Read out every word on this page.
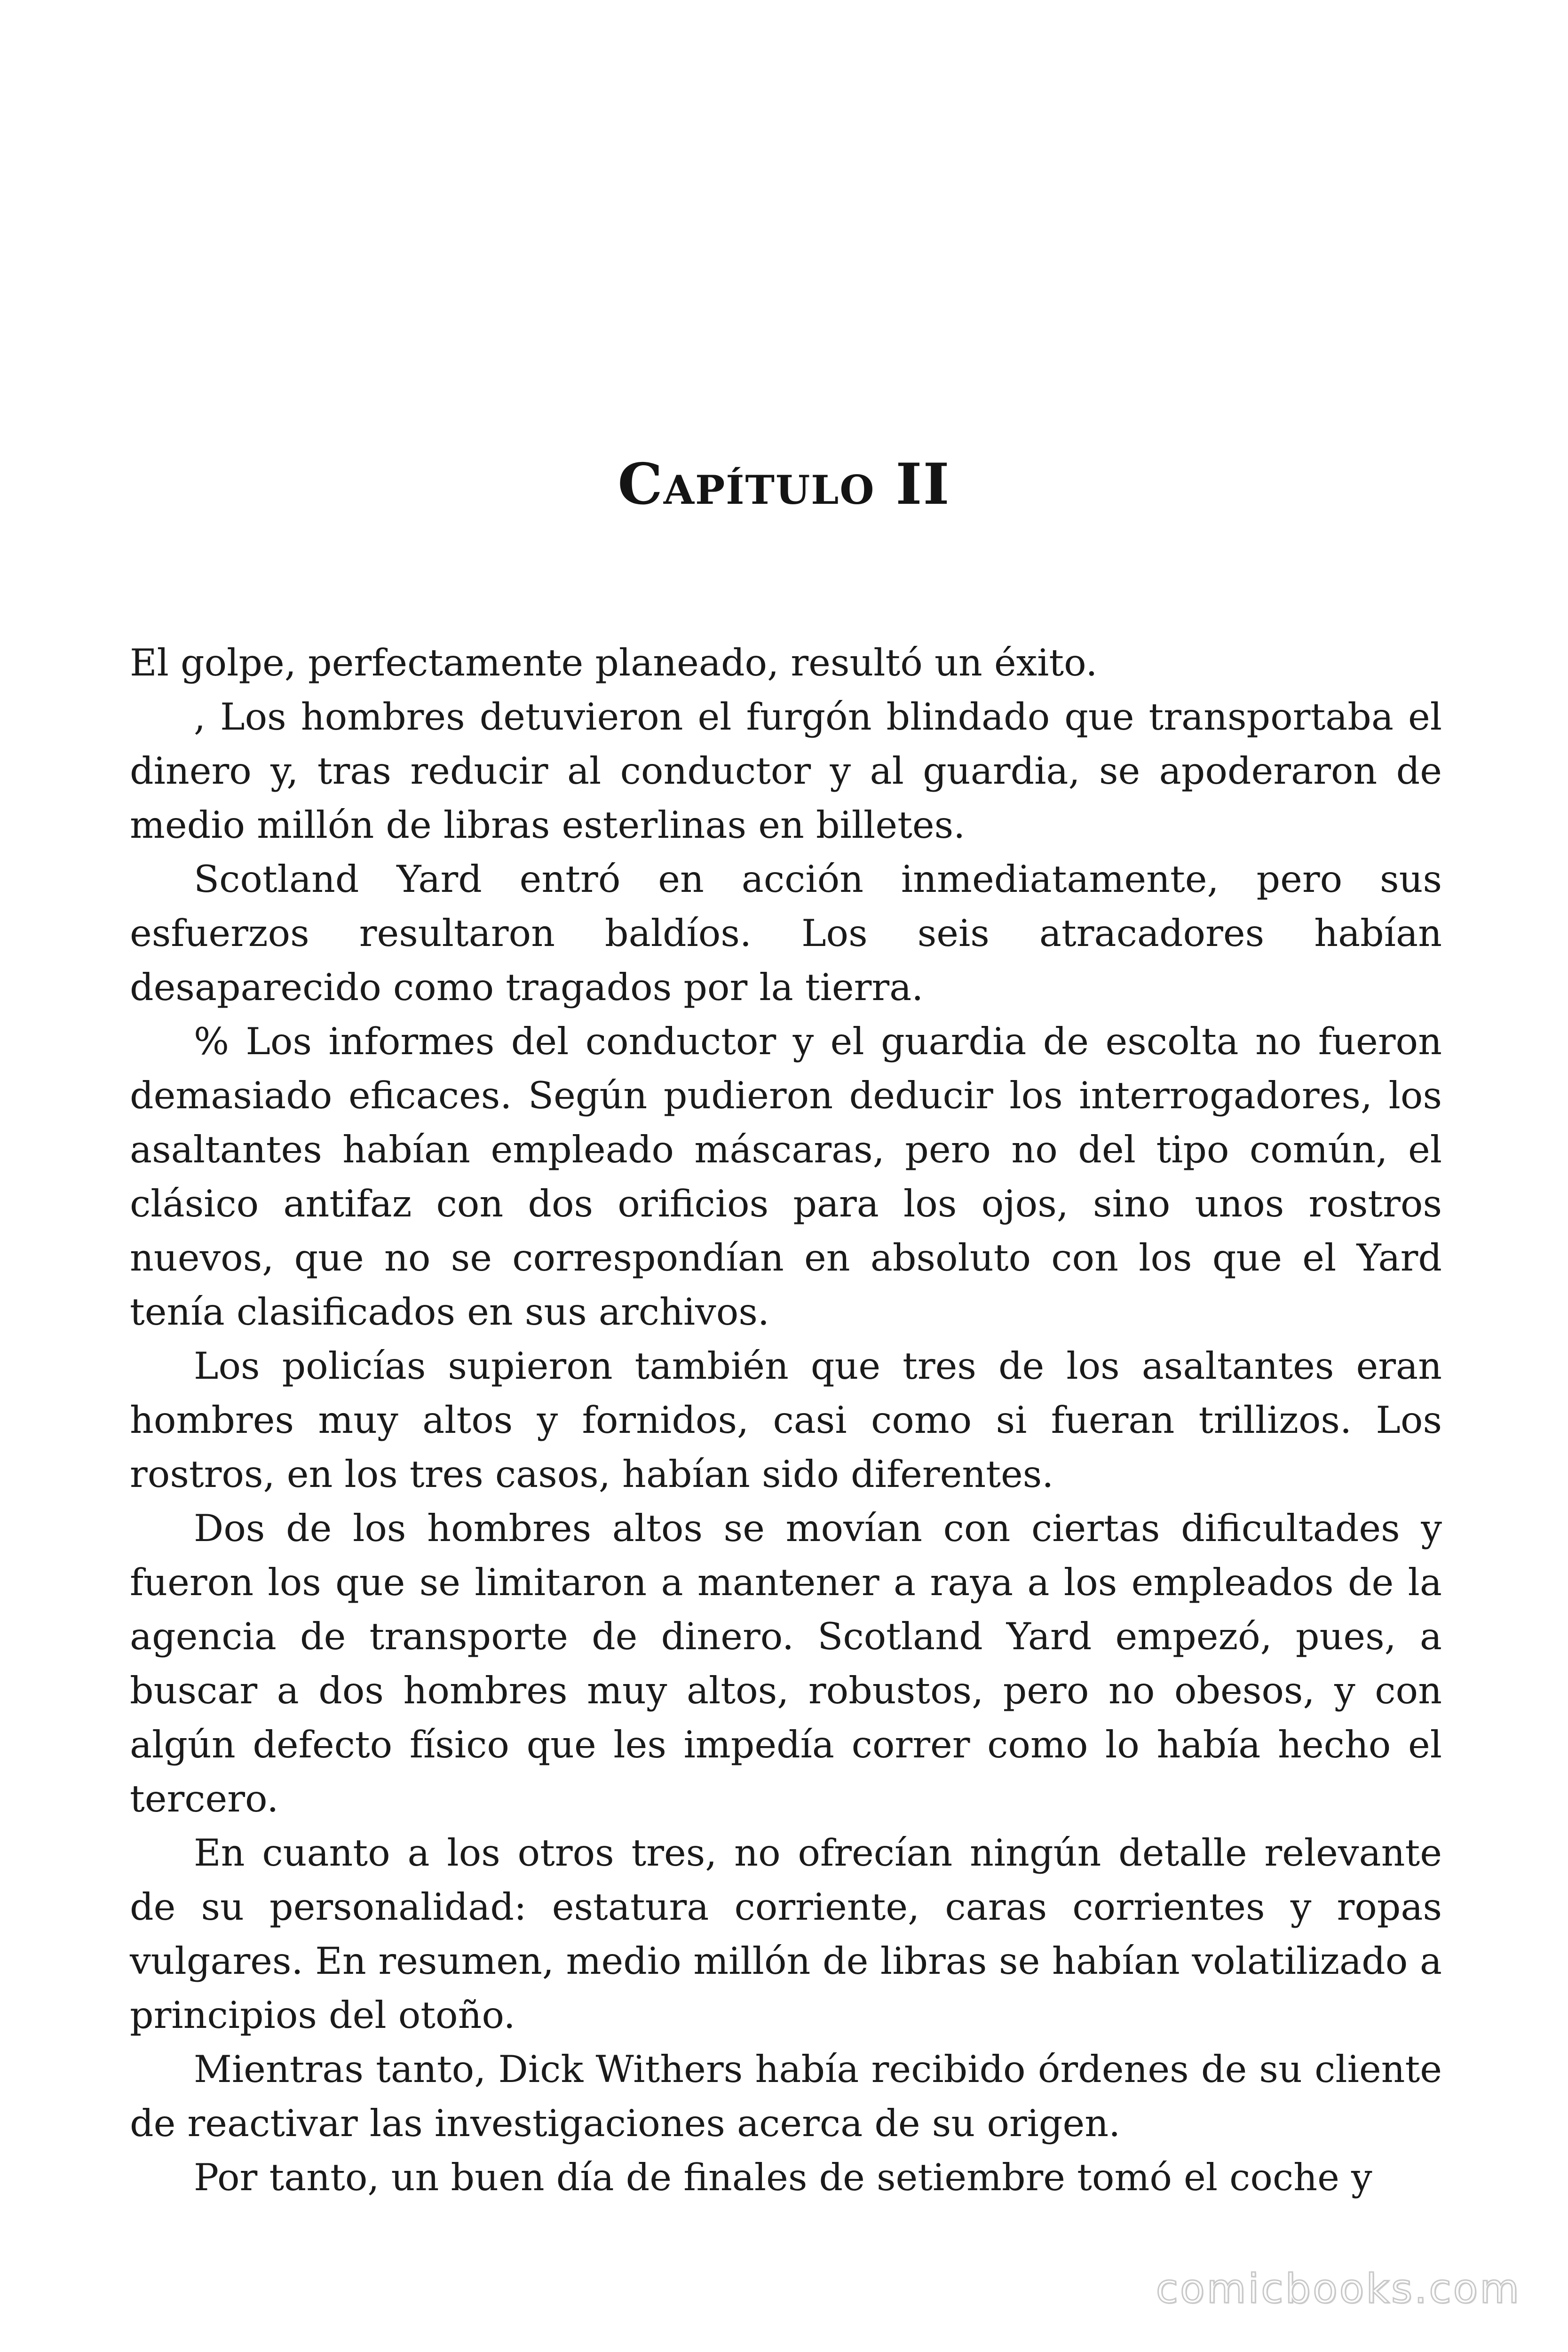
Capítulo II

El golpe, perfectamente planeado, resultó un éxito.

, Los hombres detuvieron el furgón blindado que transportaba el dinero y, tras reducir al conductor y al guardia, se apoderaron de medio millón de libras esterlinas en billetes.

Scotland Yard entró en acción inmediatamente, pero sus esfuerzos resultaron baldíos. Los seis atracadores habían desaparecido como tragados por la tierra.

% Los informes del conductor y el guardia de escolta no fueron demasiado eficaces. Según pudieron deducir los interrogadores, los asaltantes habían empleado máscaras, pero no del tipo común, el clásico antifaz con dos orificios para los ojos, sino unos rostros nuevos, que no se correspondían en absoluto con los que el Yard tenía clasificados en sus archivos.

Los policías supieron también que tres de los asaltantes eran hombres muy altos y fornidos, casi como si fueran trillizos. Los rostros, en los tres casos, habían sido diferentes.

Dos de los hombres altos se movían con ciertas dificultades y fueron los que se limitaron a mantener a raya a los empleados de la agencia de transporte de dinero. Scotland Yard empezó, pues, a buscar a dos hombres muy altos, robustos, pero no obesos, y con algún defecto físico que les impedía correr como lo había hecho el tercero.

En cuanto a los otros tres, no ofrecían ningún detalle relevante de su personalidad: estatura corriente, caras corrientes y ropas vulgares. En resumen, medio millón de libras se habían volatilizado a principios del otoño.

Mientras tanto, Dick Withers había recibido órdenes de su cliente de reactivar las investigaciones acerca de su origen.

Por tanto, un buen día de finales de setiembre tomó el coche y

comicbooks.com
